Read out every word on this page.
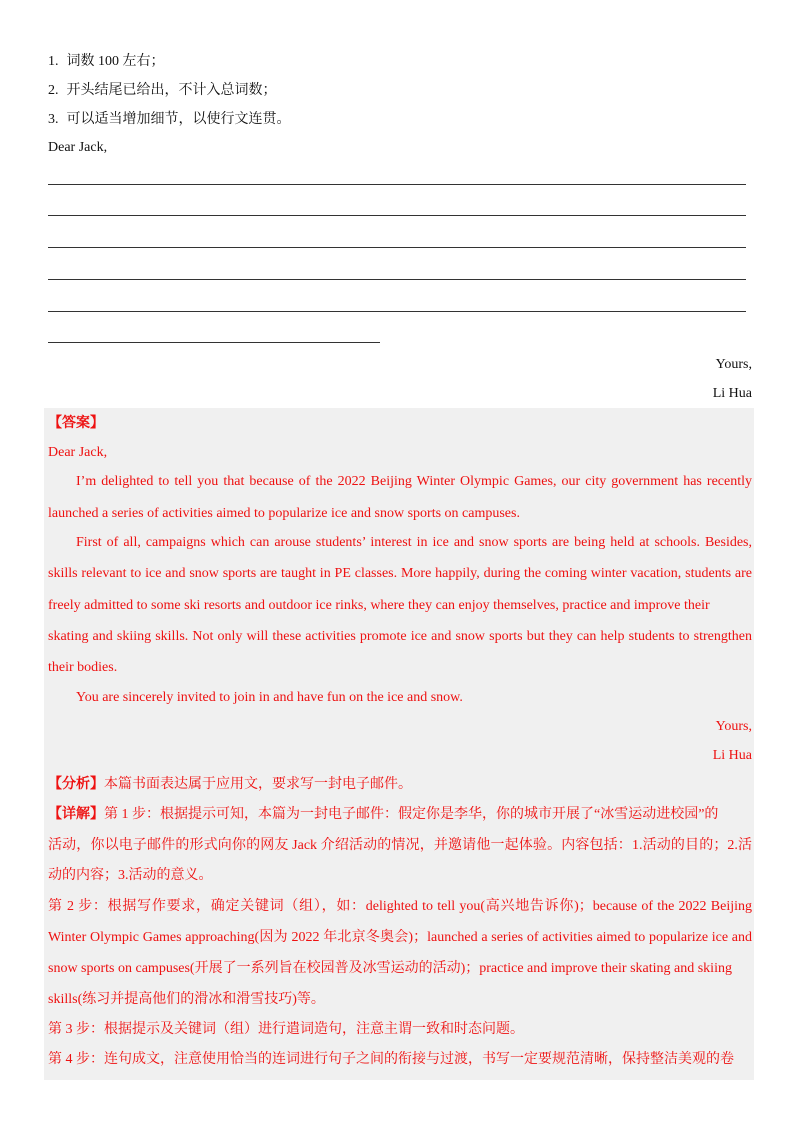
1. 词数 100 左右；
2. 开头结尾已给出，不计入总词数；
3. 可以适当增加细节，以使行文连贯。
Dear Jack,
Yours,
Li Hua
【答案】
Dear Jack,
I’m delighted to tell you that because of the 2022 Beijing Winter Olympic Games, our city government has recently
launched a series of activities aimed to popularize ice and snow sports on campuses.
First of all, campaigns which can arouse students’ interest in ice and snow sports are being held at schools. Besides,
skills relevant to ice and snow sports are taught in PE classes. More happily, during the coming winter vacation, students are
freely admitted to some ski resorts and outdoor ice rinks, where they can enjoy themselves, practice and improve their
skating and skiing skills. Not only will these activities promote ice and snow sports but they can help students to strengthen
their bodies.
You are sincerely invited to join in and have fun on the ice and snow.
Yours,
Li Hua
【分析】本篇书面表达属于应用文，要求写一封电子邮件。
【详解】第 1 步：根据提示可知，本篇为一封电子邮件：假定你是李华，你的城市开展了“冰雪运动进校园”的
活动，你以电子邮件的形式向你的网友 Jack 介绍活动的情况，并邀请他一起体验。内容包括：1.活动的目的；2.活
动的内容；3.活动的意义。
第 2 步：根据写作要求，确定关键词（组），如：delighted to tell you(高兴地告诉你)；because of the 2022 Beijing
Winter Olympic Games approaching(因为 2022 年北京冬奥会)；launched a series of activities aimed to popularize ice and
snow sports on campuses(开展了一系列旨在校园普及冰雪运动的活动)；practice and improve their skating and skiing
skills(练习并提高他们的滑冰和滑雪技巧)等。
第 3 步：根据提示及关键词（组）进行遣词造句，注意主谓一致和时态问题。
第 4 步：连句成文，注意使用恰当的连词进行句子之间的衔接与过渡，书写一定要规范清晰，保持整洁美观的卷
